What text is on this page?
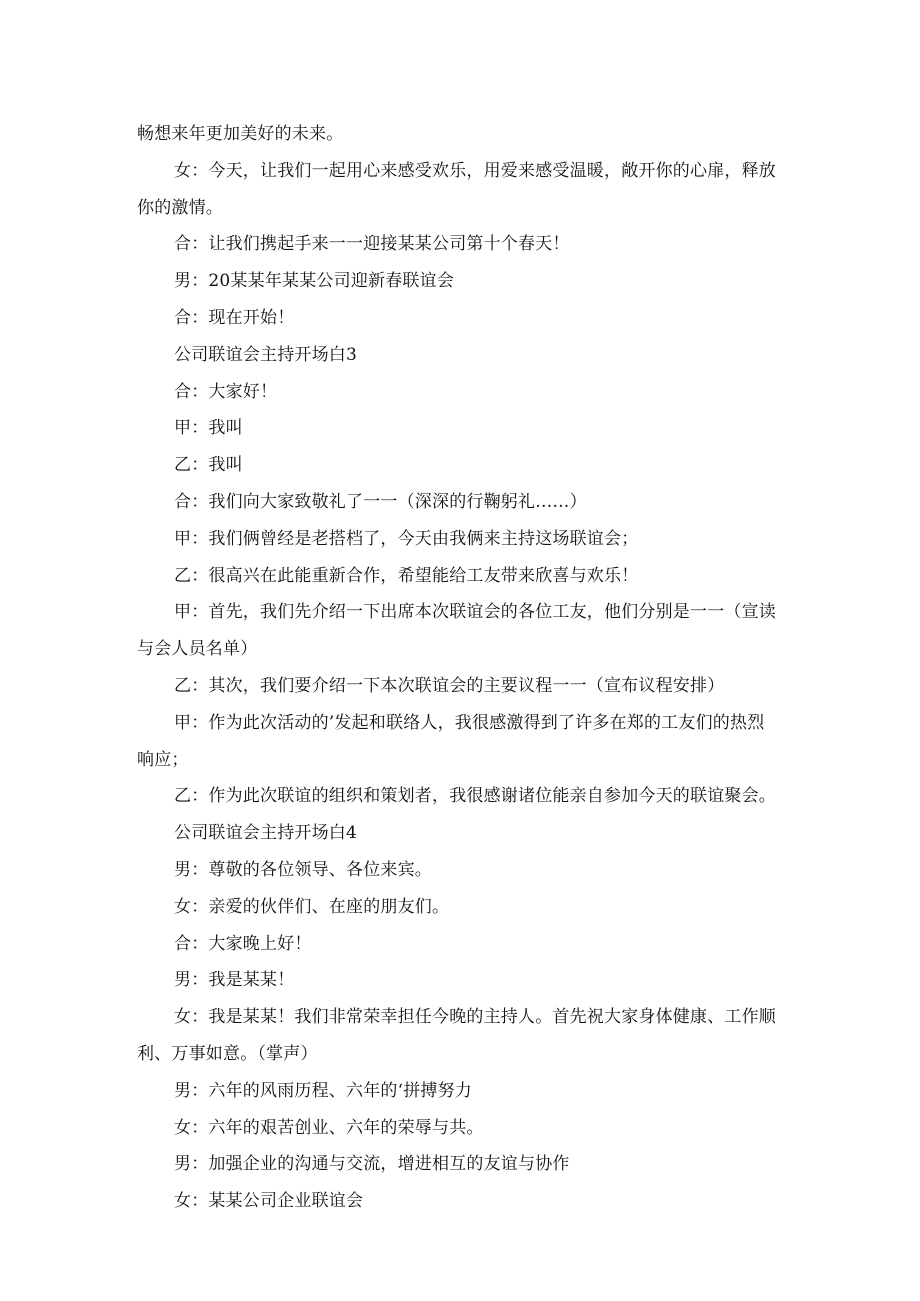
畅想来年更加美好的未来。

女：今天，让我们一起用心来感受欢乐，用爱来感受温暖，敞开你的心扉，释放你的激情。

合：让我们携起手来一一迎接某某公司第十个春天！

男：20某某年某某公司迎新春联谊会

合：现在开始！

公司联谊会主持开场白3

合：大家好！

甲：我叫

乙：我叫

合：我们向大家致敬礼了一一（深深的行鞠躬礼……）

甲：我们俩曾经是老搭档了，今天由我俩来主持这场联谊会；

乙：很高兴在此能重新合作，希望能给工友带来欣喜与欢乐！

甲：首先，我们先介绍一下出席本次联谊会的各位工友，他们分别是一一（宣读与会人员名单）

乙：其次，我们要介绍一下本次联谊会的主要议程一一（宣布议程安排）

甲：作为此次活动的’发起和联络人，我很感激得到了许多在郑的工友们的热烈响应；

乙：作为此次联谊的组织和策划者，我很感谢诸位能亲自参加今天的联谊聚会。

公司联谊会主持开场白4

男：尊敬的各位领导、各位来宾。

女：亲爱的伙伴们、在座的朋友们。

合：大家晚上好！

男：我是某某！

女：我是某某！我们非常荣幸担任今晚的主持人。首先祝大家身体健康、工作顺利、万事如意。（掌声）

男：六年的风雨历程、六年的‘拼搏努力

女：六年的艰苦创业、六年的荣辱与共。

男：加强企业的沟通与交流，增进相互的友谊与协作

女：某某公司企业联谊会
